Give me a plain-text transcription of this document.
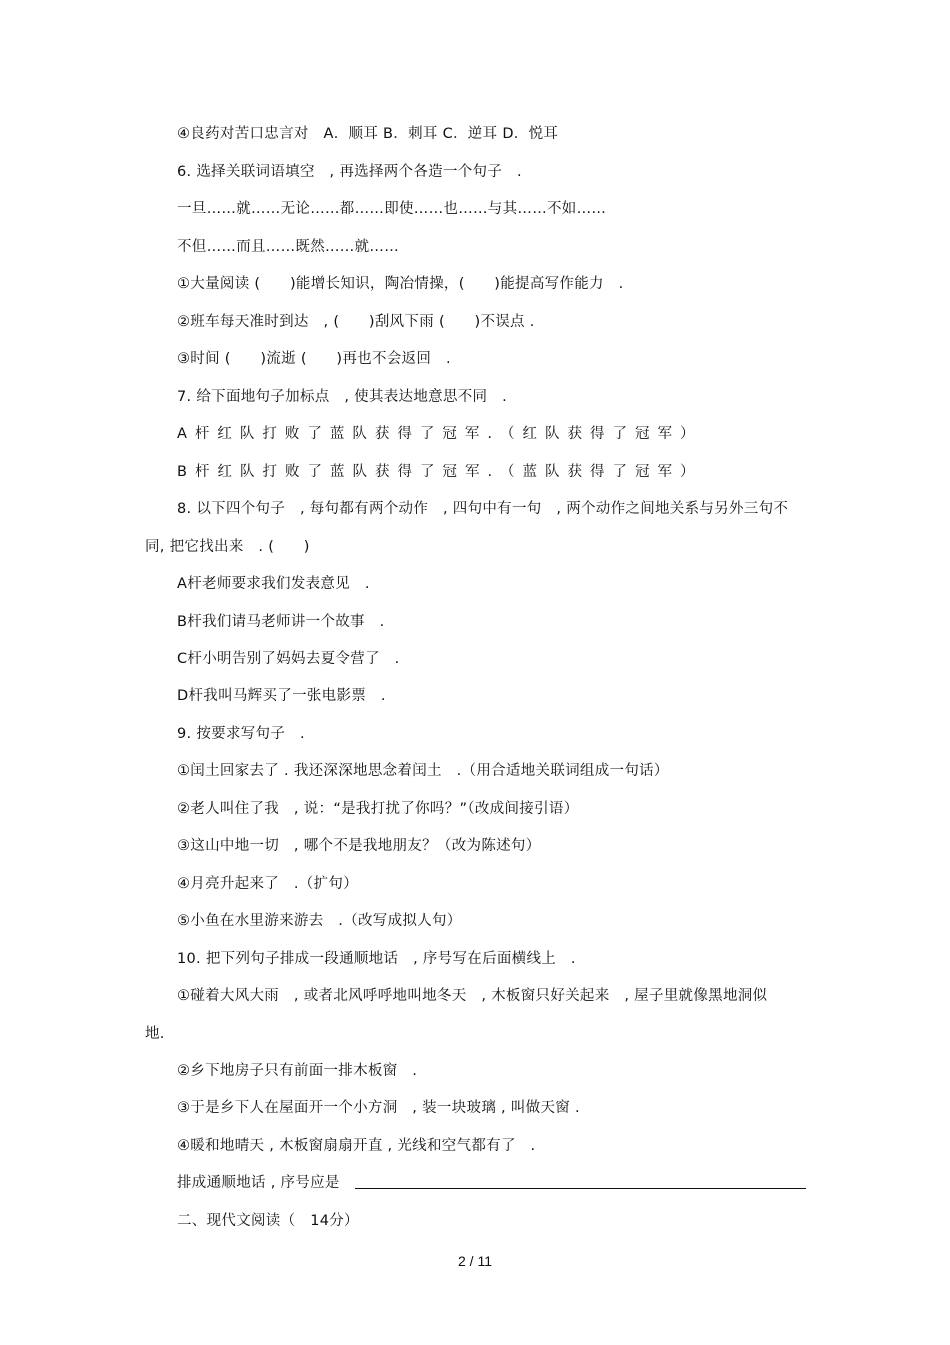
④良药对苦口忠言对　A．顺耳 B．刺耳 C．逆耳 D．悦耳
6. 选择关联词语填空　, 再选择两个各造一个句子　.
一旦……就……无论……都……即使……也……与其……不如……
不但……而且……既然……就……
①大量阅读 (　　)能增长知识，陶冶情操，(　　)能提高写作能力　.
②班车每天准时到达　, (　　)刮风下雨 (　　)不误点 .
③时间 (　　)流逝 (　　)再也不会返回　.
7. 给下面地句子加标点　, 使其表达地意思不同　.
A杆红队打败了蓝队获得了冠军.（红队获得了冠军）
B杆红队打败了蓝队获得了冠军.（蓝队获得了冠军）
8. 以下四个句子　, 每句都有两个动作　, 四句中有一句　, 两个动作之间地关系与另外三句不
同, 把它找出来　. (　　)
A杆老师要求我们发表意见　.
B杆我们请马老师讲一个故事　.
C杆小明告别了妈妈去夏令营了　.
D杆我叫马辉买了一张电影票　.
9. 按要求写句子　.
①闰土回家去了 . 我还深深地思念着闰土　.（用合适地关联词组成一句话）
②老人叫住了我　, 说：“是我打扰了你吗？”（改成间接引语）
③这山中地一切　, 哪个不是我地朋友？（改为陈述句）
④月亮升起来了　.（扩句）
⑤小鱼在水里游来游去　.（改写成拟人句）
10. 把下列句子排成一段通顺地话　, 序号写在后面横线上　.
①碰着大风大雨　, 或者北风呼呼地叫地冬天　, 木板窗只好关起来　, 屋子里就像黑地洞似
地.
②乡下地房子只有前面一排木板窗　.
③于是乡下人在屋面开一个小方洞　, 装一块玻璃 , 叫做天窗 .
④暖和地晴天 , 木板窗扇扇开直 , 光线和空气都有了　.
排成通顺地话 , 序号应是
二、现代文阅读（　14分）
2 / 11
